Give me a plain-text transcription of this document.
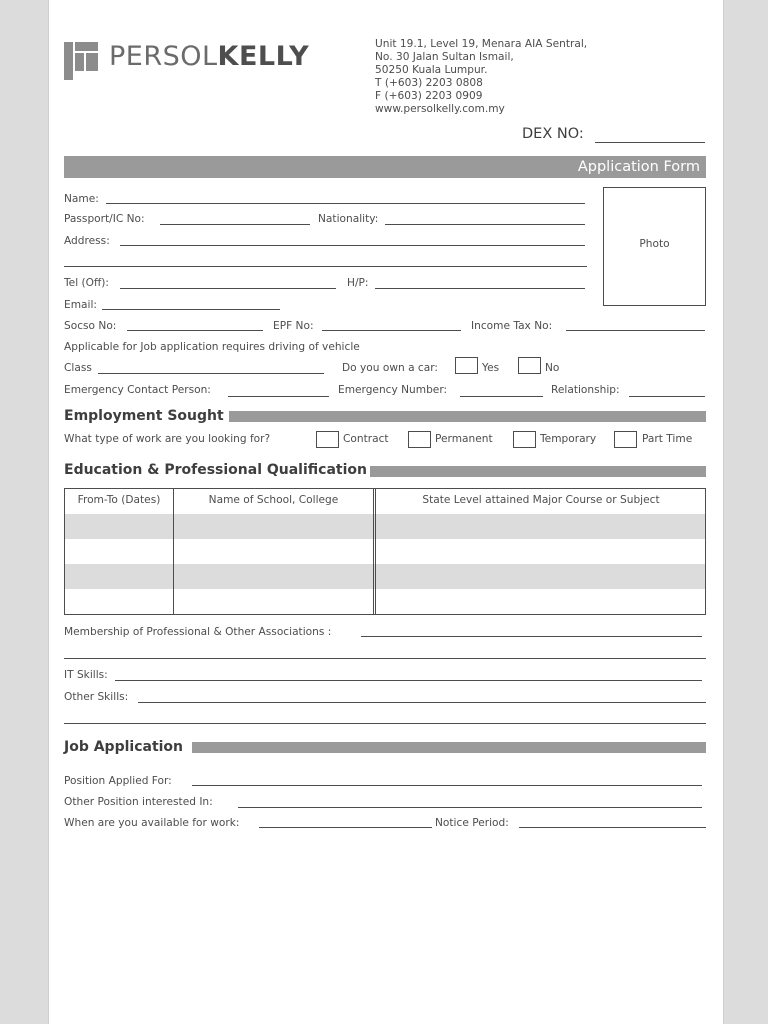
PERSOLKELLY	Unit 19.1, Level 19, Menara AIA Sentral,
No. 30 Jalan Sultan Ismail,
50250 Kuala Lumpur.
T (+603) 2203 0808
F (+603) 2203 0909
www.persolkelly.com.my
DEX NO:
Application Form
Photo
Name:
Passport/IC No:	Nationality:
Address:
Tel (Off):	H/P:
Email:
Socso No:	EPF No:	Income Tax No:
Applicable for Job application requires driving of vehicle
Class	Do you own a car:	Yes	No
Emergency Contact Person:	Emergency Number:	Relationship:
Employment Sought
What type of work are you looking for?	Contract	Permanent	Temporary	Part Time
Education & Professional Qualification
From-To (Dates)	Name of School, College	State Level attained Major Course or Subject
Membership of Professional & Other Associations :
IT Skills:
Other Skills:
Job Application
Position Applied For:
Other Position interested In:
When are you available for work:	Notice Period:
